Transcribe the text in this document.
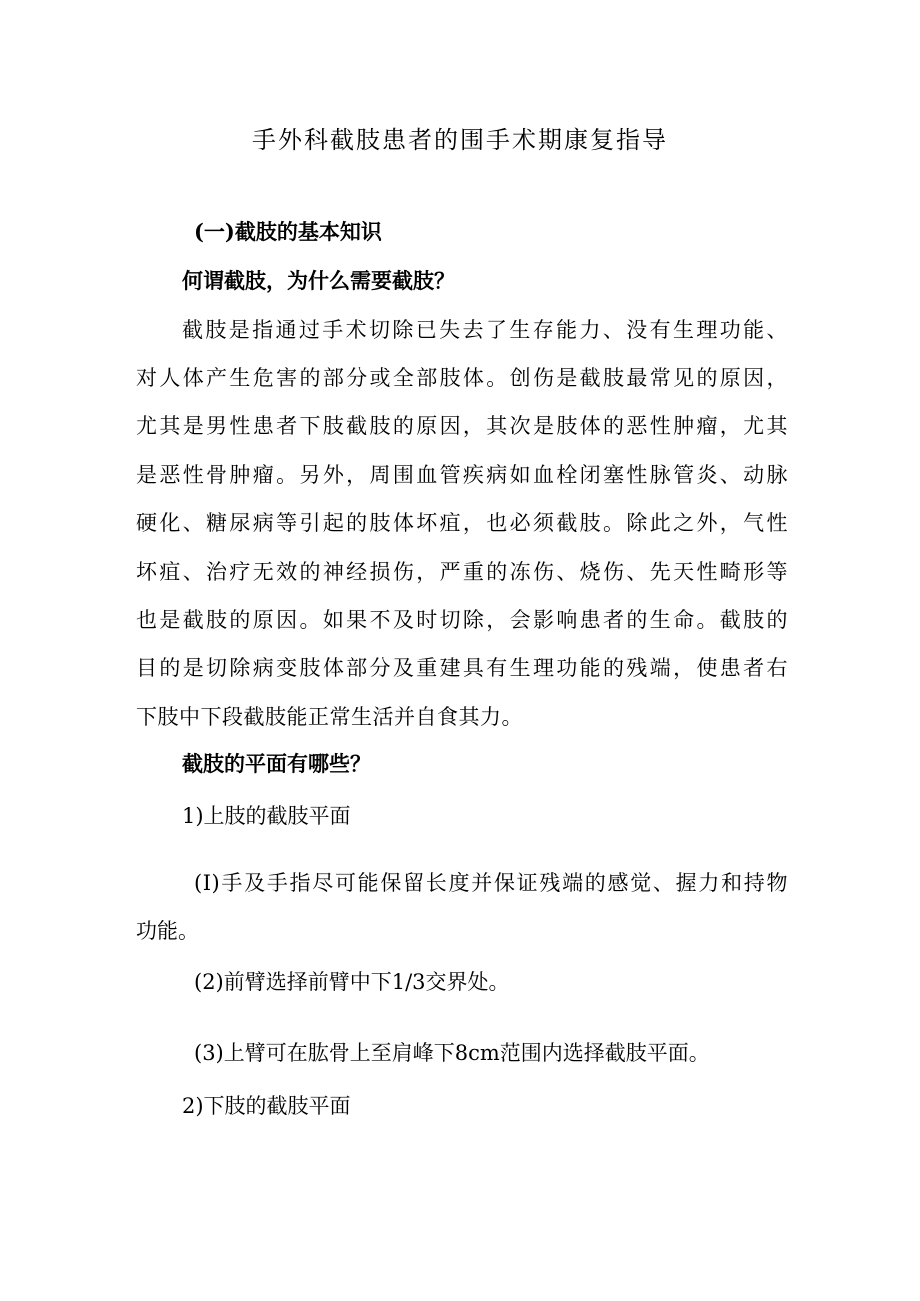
手外科截肢患者的围手术期康复指导

(一)截肢的基本知识

何谓截肢，为什么需要截肢？

截肢是指通过手术切除已失去了生存能力、没有生理功能、

对人体产生危害的部分或全部肢体。创伤是截肢最常见的原因，

尤其是男性患者下肢截肢的原因，其次是肢体的恶性肿瘤，尤其

是恶性骨肿瘤。另外，周围血管疾病如血栓闭塞性脉管炎、动脉

硬化、糖尿病等引起的肢体坏疽，也必须截肢。除此之外，气性

坏疽、治疗无效的神经损伤，严重的冻伤、烧伤、先天性畸形等

也是截肢的原因。如果不及时切除，会影响患者的生命。截肢的

目的是切除病变肢体部分及重建具有生理功能的残端，使患者右

下肢中下段截肢能正常生活并自食其力。

截肢的平面有哪些？

1)上肢的截肢平面

(I)手及手指尽可能保留长度并保证残端的感觉、握力和持物

功能。

(2)前臂选择前臂中下1/3交界处。

(3)上臂可在肱骨上至肩峰下8cm范围内选择截肢平面。

2)下肢的截肢平面
